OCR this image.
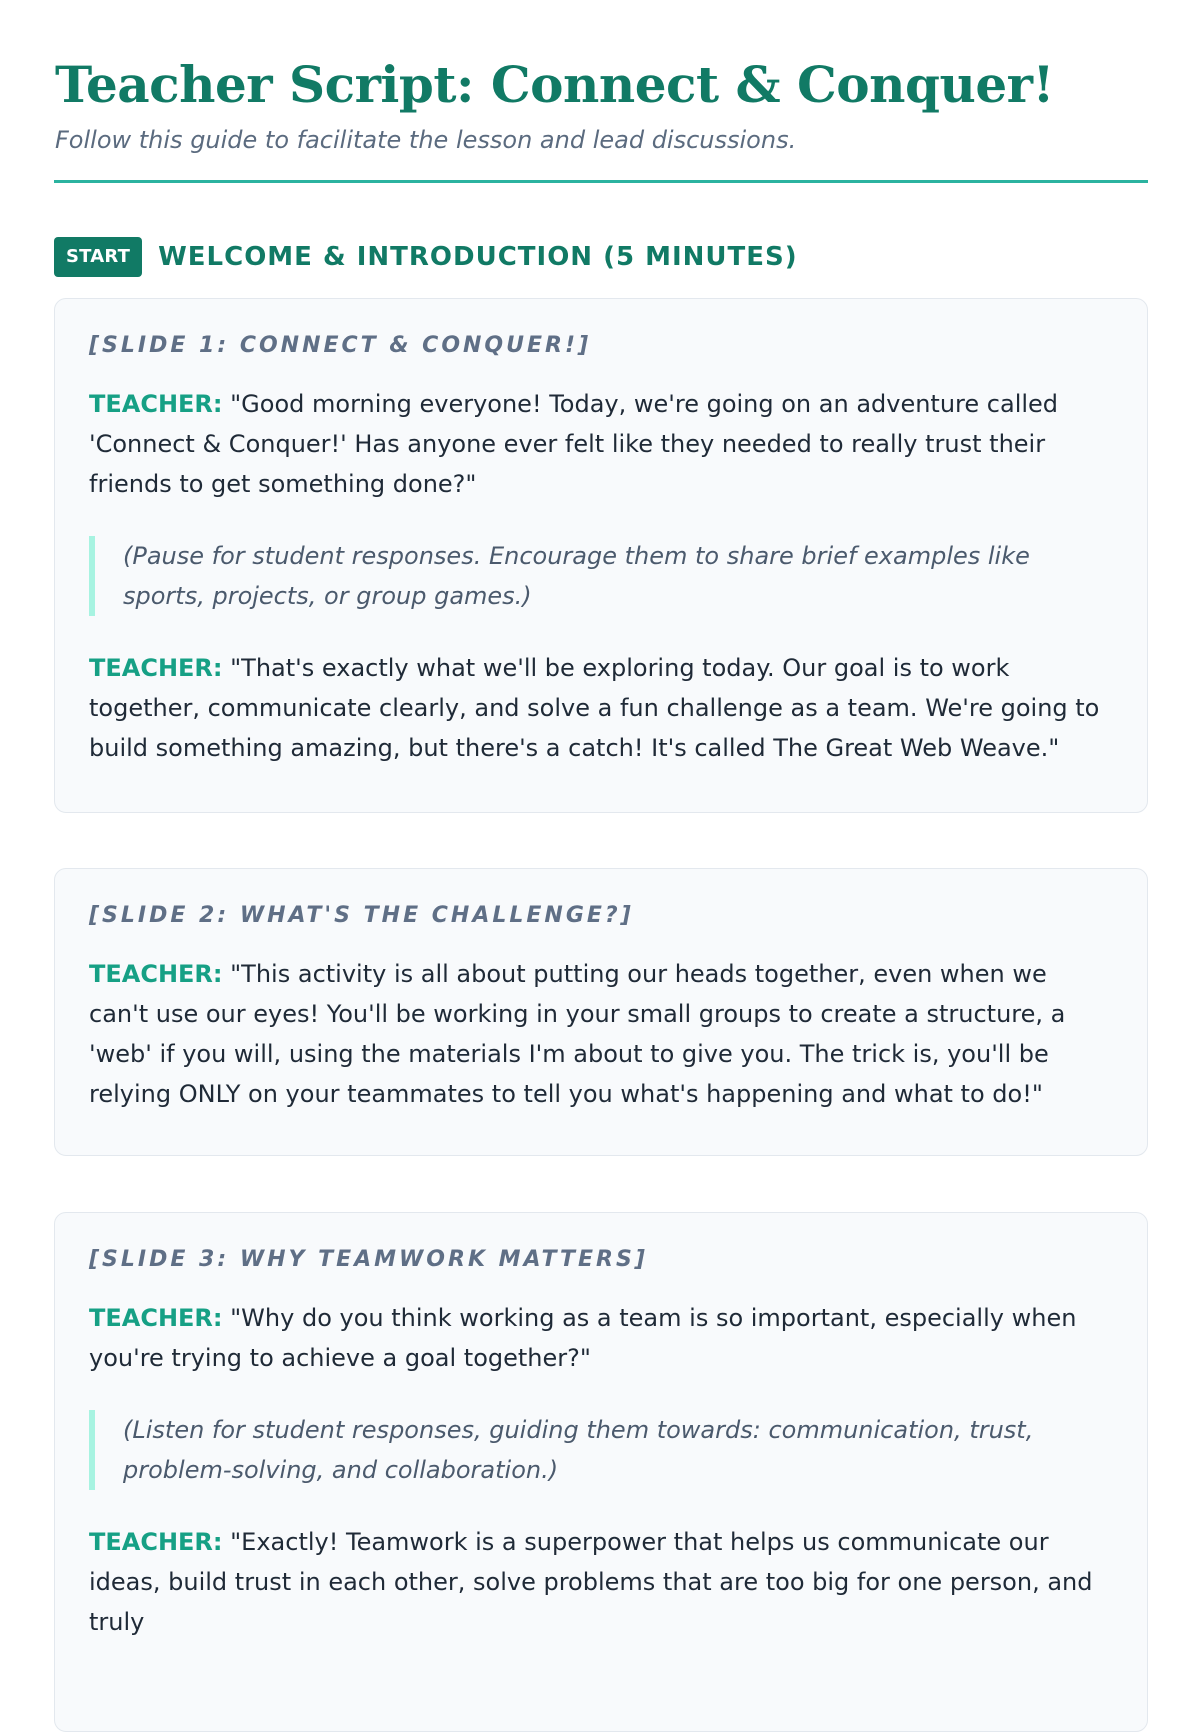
Teacher Script: Connect & Conquer!

Follow this guide to facilitate the lesson and lead discussions.

START	WELCOME & INTRODUCTION (5 MINUTES)
[SLIDE 1: CONNECT & CONQUER!]

TEACHER: "Good morning everyone! Today, we're going on an adventure called 'Connect & Conquer!' Has anyone ever felt like they needed to really trust their friends to get something done?"

(Pause for student responses. Encourage them to share brief examples like sports, projects, or group games.)

TEACHER: "That's exactly what we'll be exploring today. Our goal is to work together, communicate clearly, and solve a fun challenge as a team. We're going to build something amazing, but there's a catch! It's called The Great Web Weave."

[SLIDE 2: WHAT'S THE CHALLENGE?]

TEACHER: "This activity is all about putting our heads together, even when we can't use our eyes! You'll be working in your small groups to create a structure, a 'web' if you will, using the materials I'm about to give you. The trick is, you'll be relying ONLY on your teammates to tell you what's happening and what to do!"

[SLIDE 3: WHY TEAMWORK MATTERS]

TEACHER: "Why do you think working as a team is so important, especially when you're trying to achieve a goal together?"

(Listen for student responses, guiding them towards: communication, trust, problem-solving, and collaboration.)

TEACHER: "Exactly! Teamwork is a superpower that helps us communicate our ideas, build trust in each other, solve problems that are too big for one person, and truly
